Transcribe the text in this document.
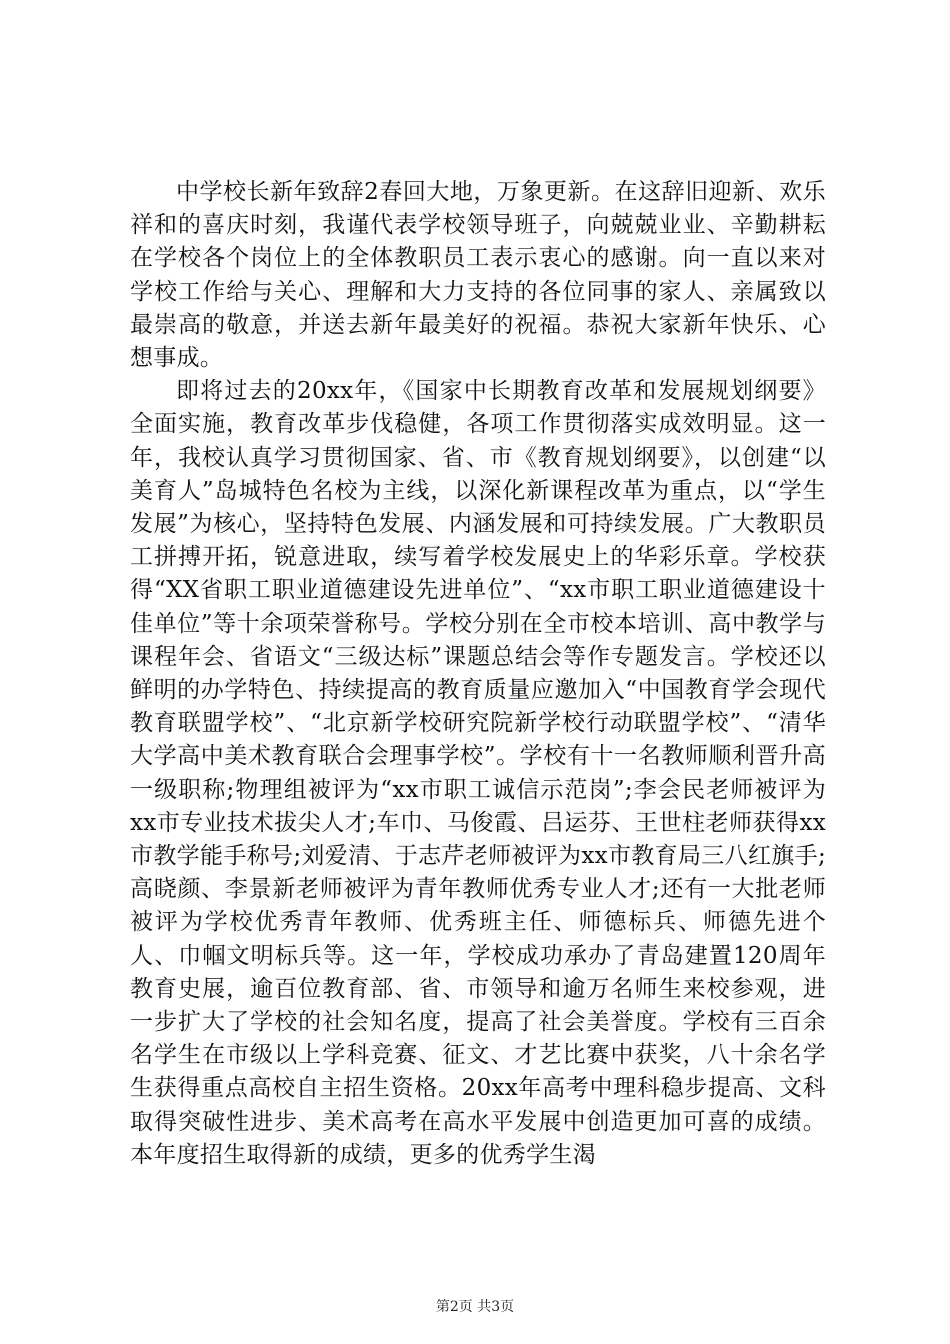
中学校长新年致辞2春回大地，万象更新。在这辞旧迎新、欢乐祥和的喜庆时刻，我谨代表学校领导班子，向兢兢业业、辛勤耕耘在学校各个岗位上的全体教职员工表示衷心的感谢。向一直以来对学校工作给与关心、理解和大力支持的各位同事的家人、亲属致以最崇高的敬意，并送去新年最美好的祝福。恭祝大家新年快乐、心想事成。

即将过去的20xx年，《国家中长期教育改革和发展规划纲要》全面实施，教育改革步伐稳健，各项工作贯彻落实成效明显。这一年，我校认真学习贯彻国家、省、市《教育规划纲要》，以创建“以美育人”岛城特色名校为主线，以深化新课程改革为重点，以“学生发展”为核心，坚持特色发展、内涵发展和可持续发展。广大教职员工拼搏开拓，锐意进取，续写着学校发展史上的华彩乐章。学校获得“XX省职工职业道德建设先进单位”、“xx市职工职业道德建设十佳单位”等十余项荣誉称号。学校分别在全市校本培训、高中教学与课程年会、省语文“三级达标”课题总结会等作专题发言。学校还以鲜明的办学特色、持续提高的教育质量应邀加入“中国教育学会现代教育联盟学校”、“北京新学校研究院新学校行动联盟学校”、“清华大学高中美术教育联合会理事学校”。学校有十一名教师顺利晋升高一级职称;物理组被评为“xx市职工诚信示范岗”;李会民老师被评为xx市专业技术拔尖人才;车巾、马俊霞、吕运芬、王世柱老师获得xx市教学能手称号;刘爱清、于志芹老师被评为xx市教育局三八红旗手;高晓颜、李景新老师被评为青年教师优秀专业人才;还有一大批老师被评为学校优秀青年教师、优秀班主任、师德标兵、师德先进个人、巾帼文明标兵等。这一年，学校成功承办了青岛建置120周年教育史展，逾百位教育部、省、市领导和逾万名师生来校参观，进一步扩大了学校的社会知名度，提高了社会美誉度。学校有三百余名学生在市级以上学科竞赛、征文、才艺比赛中获奖，八十余名学生获得重点高校自主招生资格。20xx年高考中理科稳步提高、文科取得突破性进步、美术高考在高水平发展中创造更加可喜的成绩。本年度招生取得新的成绩，更多的优秀学生渴

第2页 共3页
